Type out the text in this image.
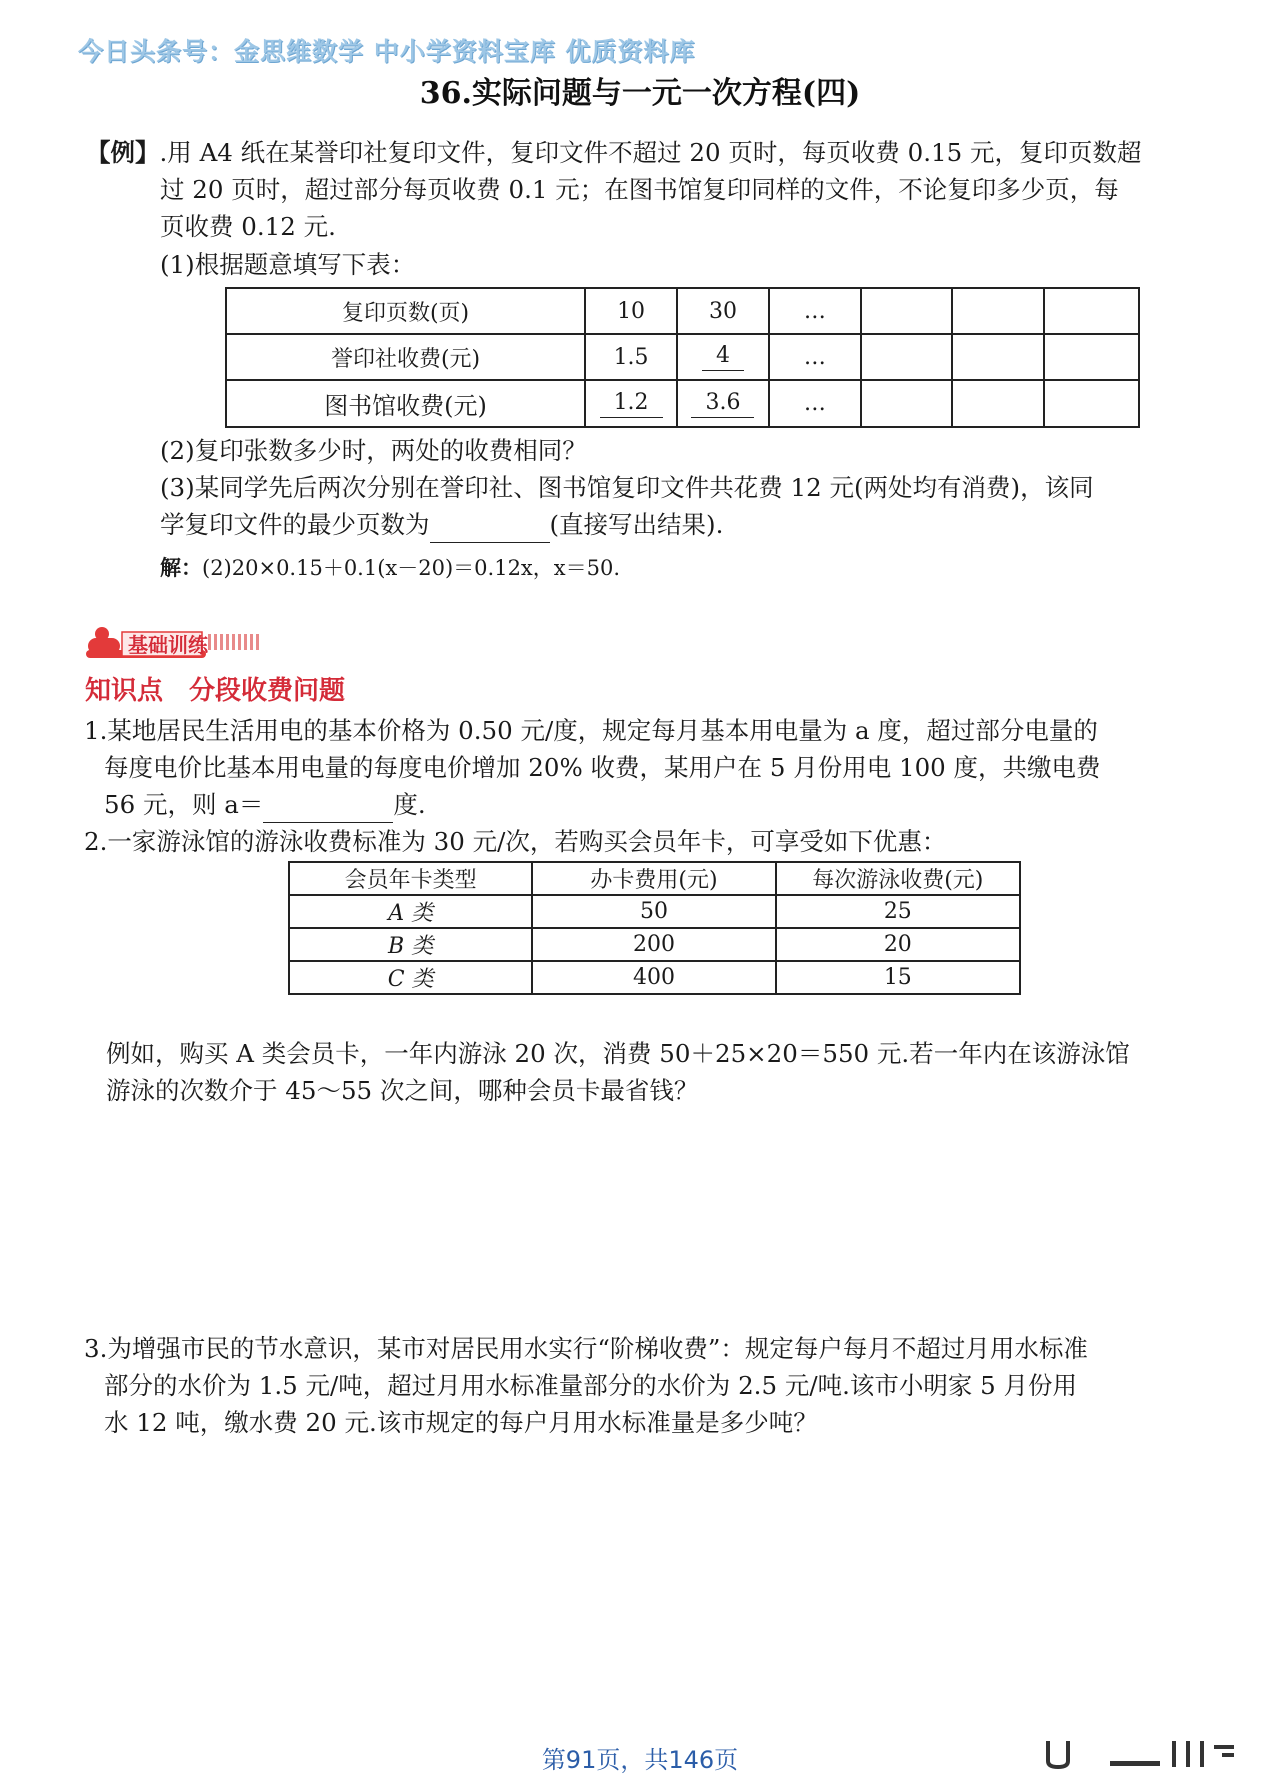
今日头条号：金思维数学 中小学资料宝库 优质资料库
36.实际问题与一元一次方程(四)
【例】.用 A4 纸在某誉印社复印文件，复印文件不超过 20 页时，每页收费 0.15 元，复印页数超
过 20 页时，超过部分每页收费 0.1 元；在图书馆复印同样的文件，不论复印多少页，每
页收费 0.12 元.
(1)根据题意填写下表：
复印页数(页)	10	30	…			
誉印社收费(元)	1.5	4	…			
图书馆收费(元)	1.2	3.6	…			
(2)复印张数多少时，两处的收费相同？
(3)某同学先后两次分别在誉印社、图书馆复印文件共花费 12 元(两处均有消费)，该同
学复印文件的最少页数为	(直接写出结果).
解：(2)20×0.15＋0.1(x－20)＝0.12x，x＝50.
基础训练
知识点　分段收费问题
1.某地居民生活用电的基本价格为 0.50 元/度，规定每月基本用电量为 a 度，超过部分电量的
每度电价比基本用电量的每度电价增加 20% 收费，某用户在 5 月份用电 100 度，共缴电费
56 元，则 a＝	度.
2.一家游泳馆的游泳收费标准为 30 元/次，若购买会员年卡，可享受如下优惠：
会员年卡类型	办卡费用(元)	每次游泳收费(元)
A 类	50	25
B 类	200	20
C 类	400	15
例如，购买 A 类会员卡，一年内游泳 20 次，消费 50＋25×20＝550 元.若一年内在该游泳馆
游泳的次数介于 45～55 次之间，哪种会员卡最省钱？
3.为增强市民的节水意识，某市对居民用水实行“阶梯收费”：规定每户每月不超过月用水标准
部分的水价为 1.5 元/吨，超过月用水标准量部分的水价为 2.5 元/吨.该市小明家 5 月份用
水 12 吨，缴水费 20 元.该市规定的每户月用水标准量是多少吨？
第91页，共146页
